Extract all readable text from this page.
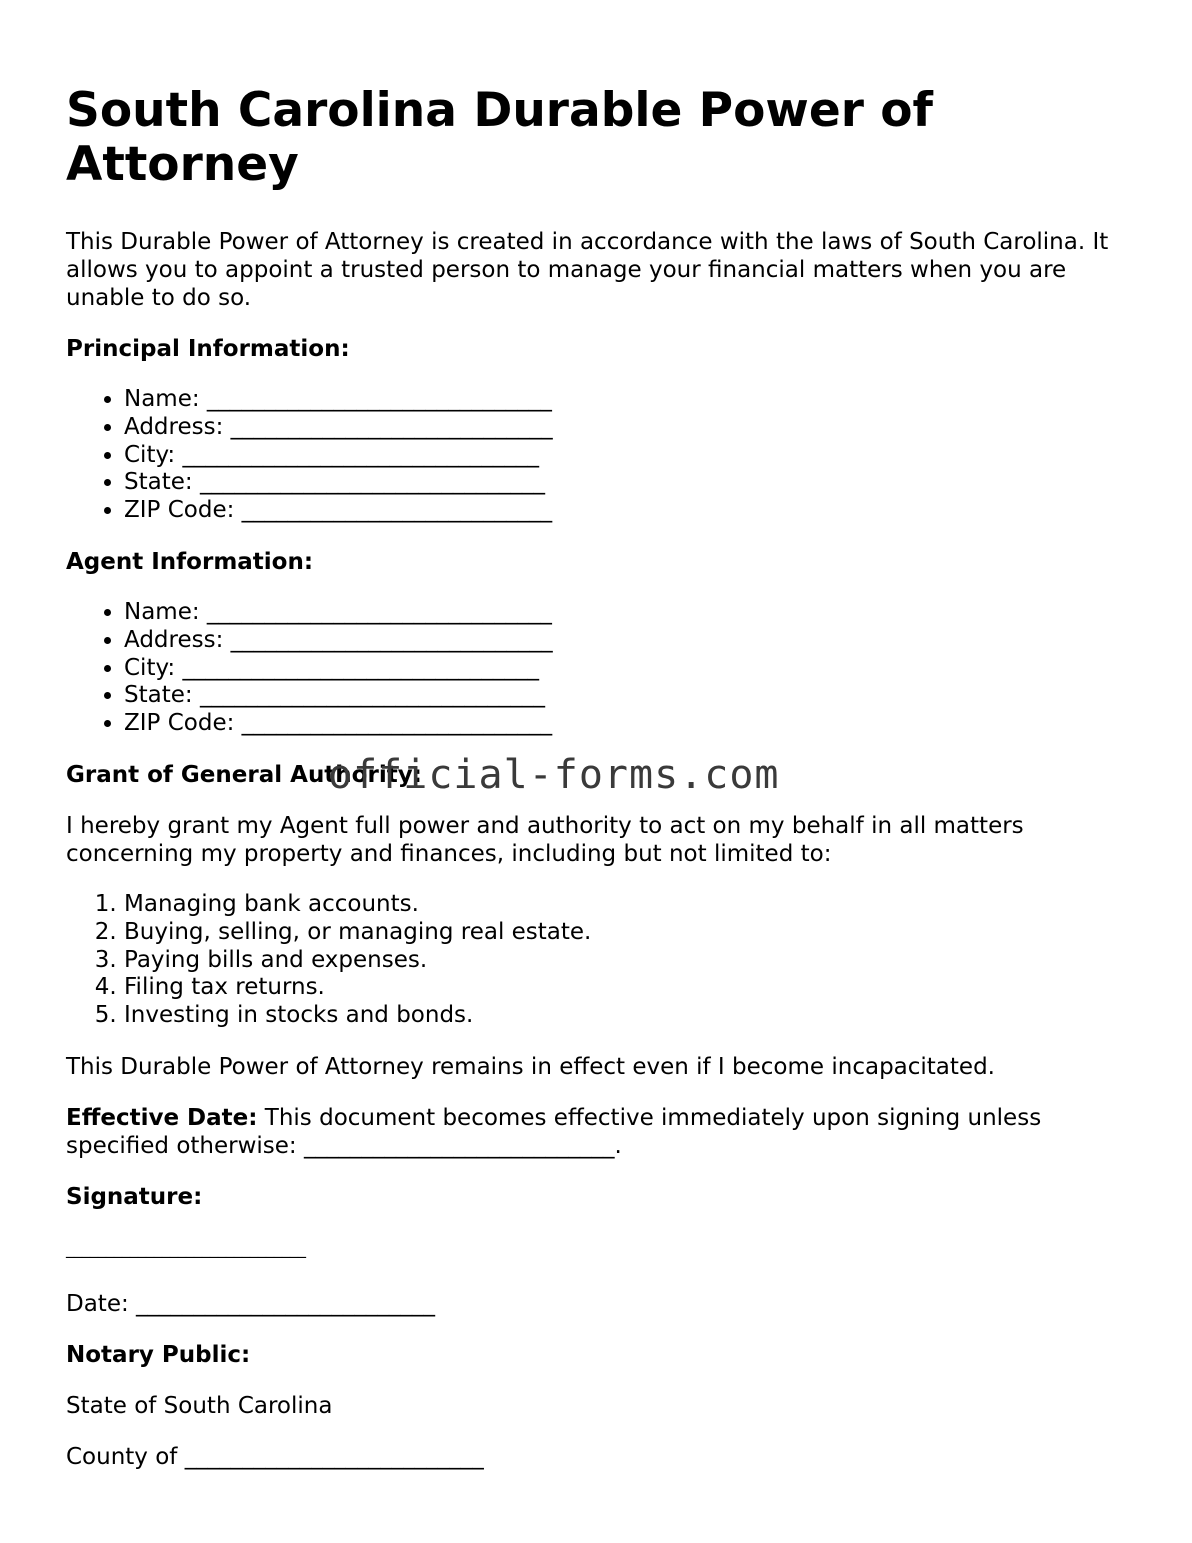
South Carolina Durable Power of Attorney

This Durable Power of Attorney is created in accordance with the laws of South Carolina. It allows you to appoint a trusted person to manage your financial matters when you are unable to do so.

Principal Information:
• Name: ______________________________
• Address: ____________________________
• City: _______________________________
• State: ______________________________
• ZIP Code: ___________________________
Agent Information:
• Name: ______________________________
• Address: ____________________________
• City: _______________________________
• State: ______________________________
• ZIP Code: ___________________________
Grant of General Authority:

I hereby grant my Agent full power and authority to act on my behalf in all matters concerning my property and finances, including but not limited to:

1. Managing bank accounts.
2. Buying, selling, or managing real estate.
3. Paying bills and expenses.
4. Filing tax returns.
5. Investing in stocks and bonds.

This Durable Power of Attorney remains in effect even if I become incapacitated.

Effective Date: This document becomes effective immediately upon signing unless specified otherwise: ___________________________.

Signature:
______________________________

Date: __________________________

Notary Public:

State of South Carolina

County of __________________________

official-forms.com
